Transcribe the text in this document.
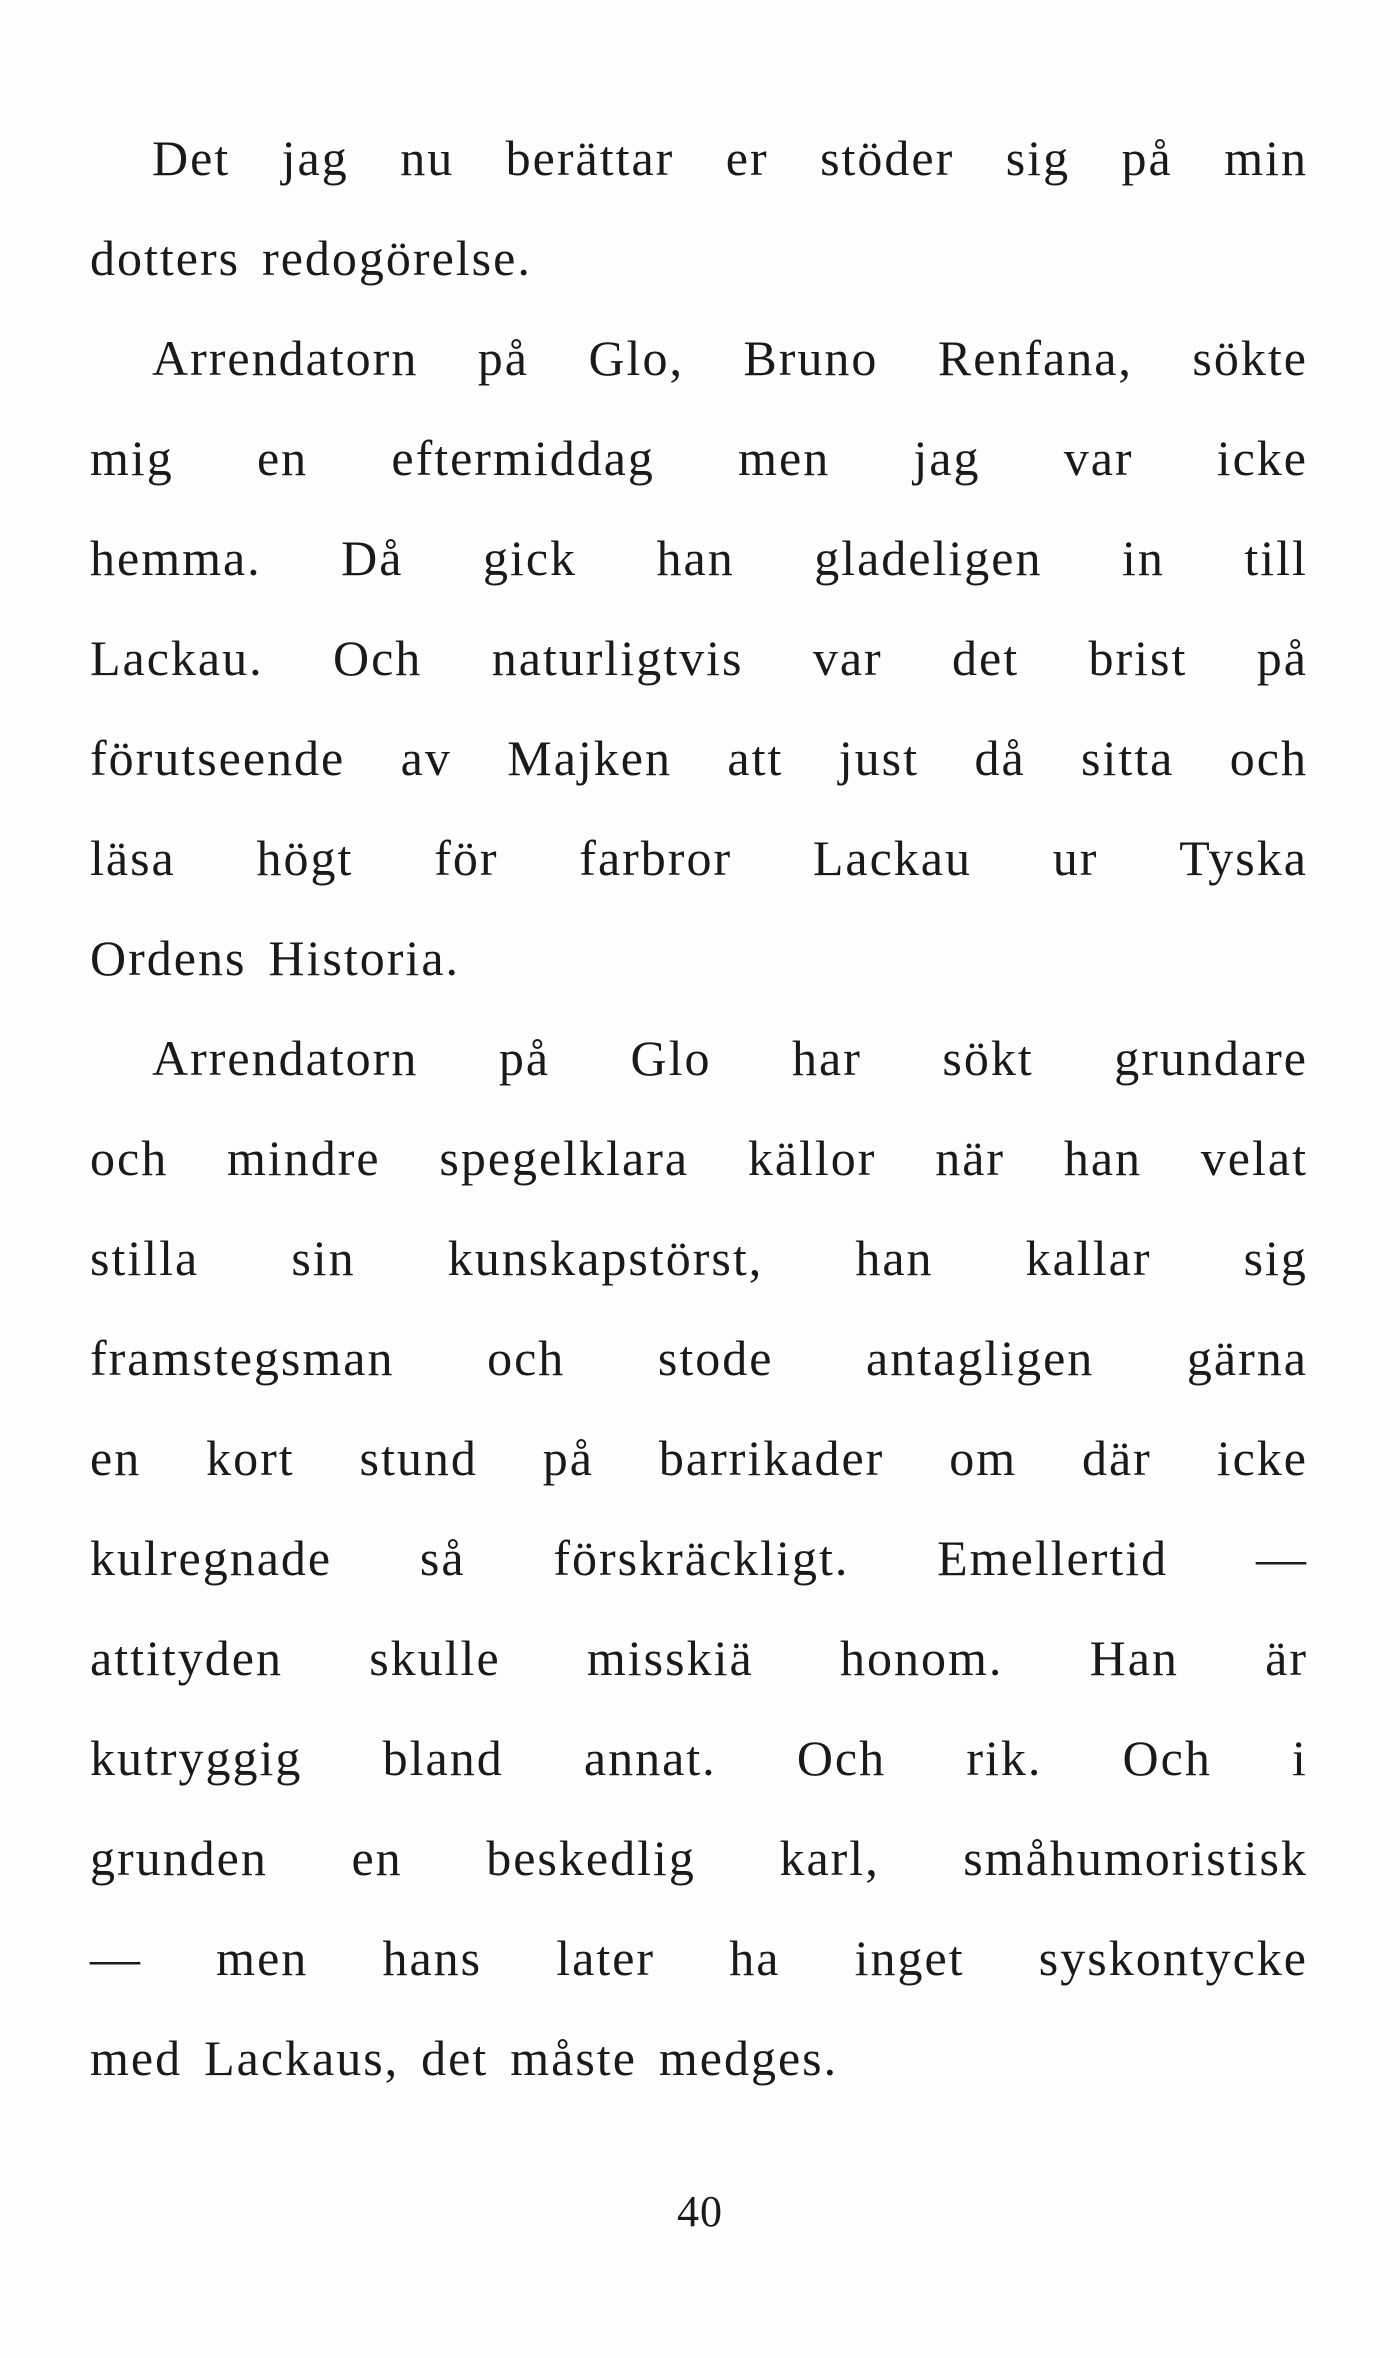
Det jag nu berättar er stöder sig på min
dotters redogörelse.
Arrendatorn på Glo, Bruno Renfana, sökte
mig en eftermiddag men jag var icke
hemma. Då gick han gladeligen in till
Lackau. Och naturligtvis var det brist på
förutseende av Majken att just då sitta och
läsa högt för farbror Lackau ur Tyska
Ordens Historia.
Arrendatorn på Glo har sökt grundare
och mindre spegelklara källor när han velat
stilla sin kunskapstörst, han kallar sig
framstegsman och stode antagligen gärna
en kort stund på barrikader om där icke
kulregnade så förskräckligt. Emellertid —
attityden skulle misskiä honom. Han är
kutryggig bland annat. Och rik. Och i
grunden en beskedlig karl, småhumoristisk
— men hans later ha inget syskontycke
med Lackaus, det måste medges.
40
